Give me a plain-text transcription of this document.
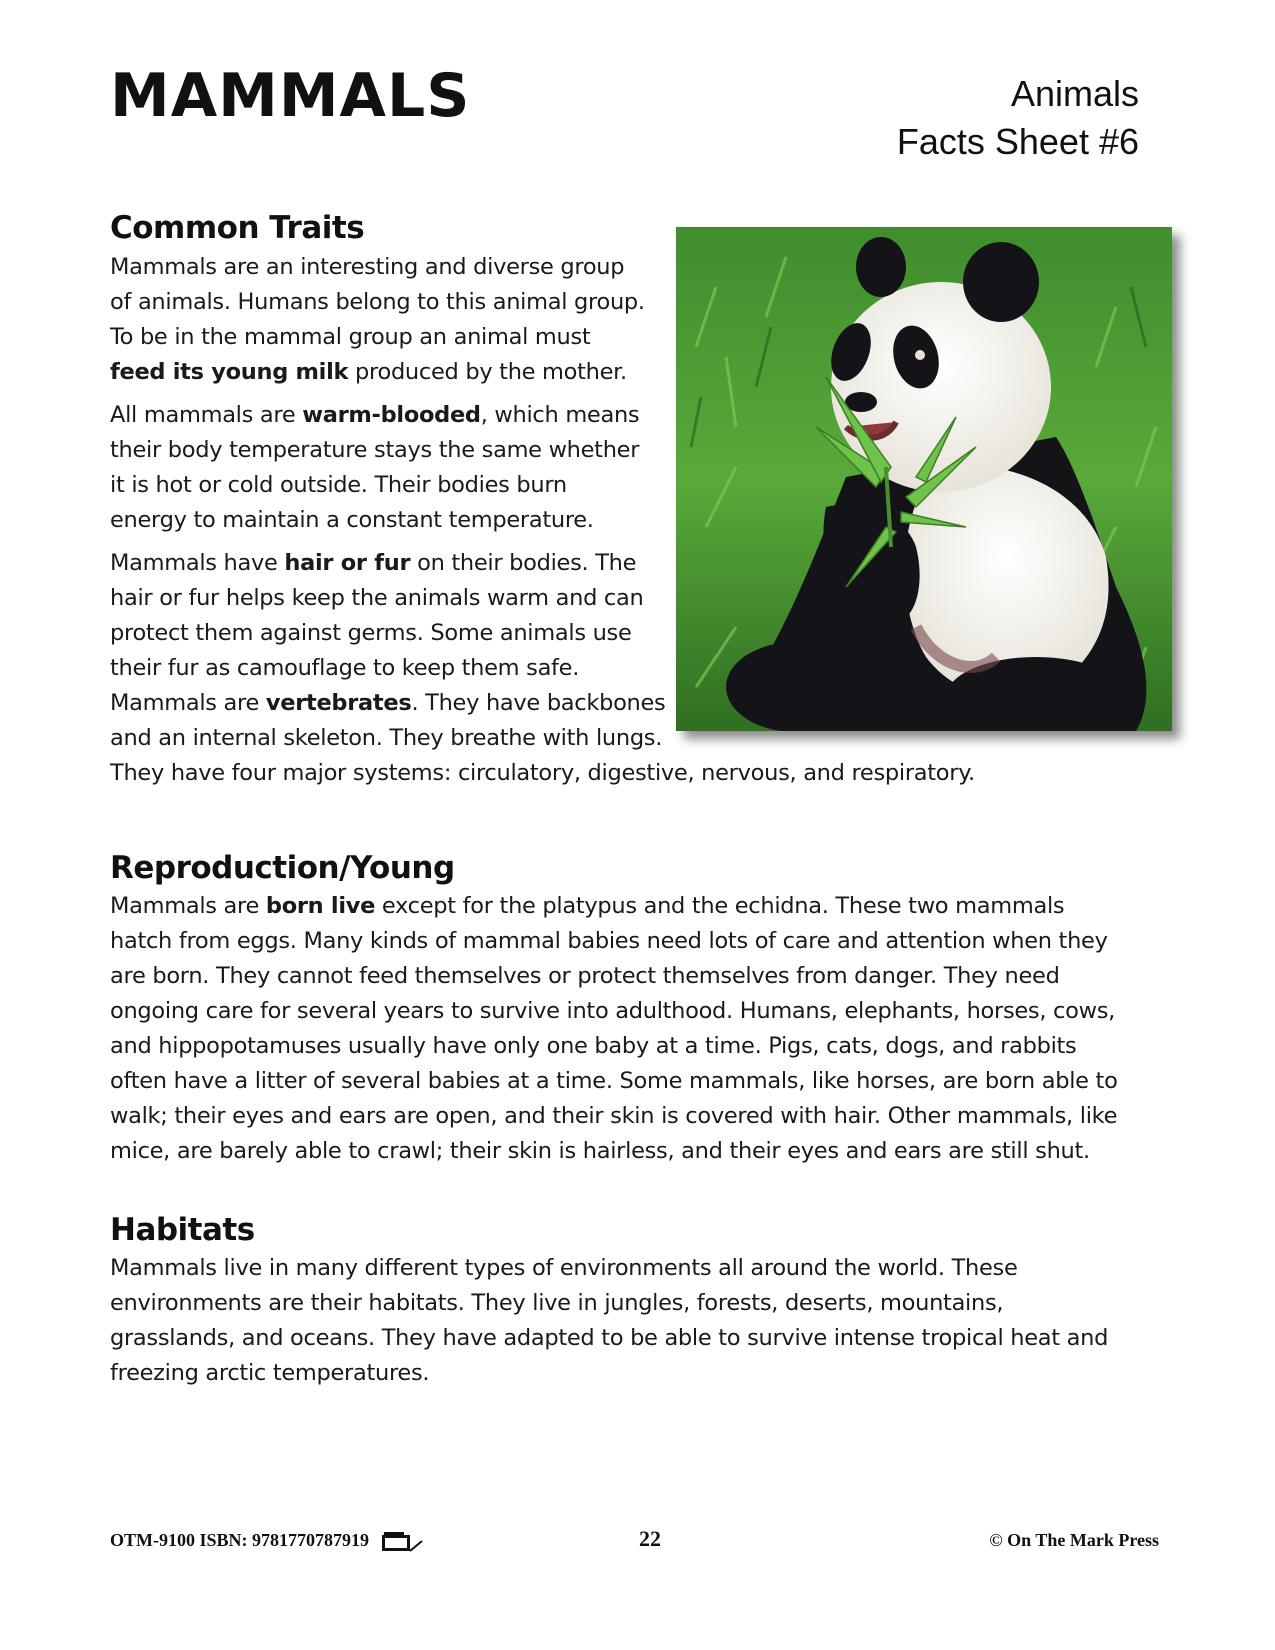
MAMMALS	Animals
Facts Sheet #6
Common Traits

Mammals are an interesting and diverse group of animals. Humans belong to this animal group. To be in the mammal group an animal must feed its young milk produced by the mother.

All mammals are warm-blooded, which means their body temperature stays the same whether it is hot or cold outside. Their bodies burn energy to maintain a constant temperature.

Mammals have hair or fur on their bodies. The hair or fur helps keep the animals warm and can protect them against germs. Some animals use their fur as camouflage to keep them safe. Mammals are vertebrates. They have backbones and an internal skeleton. They breathe with lungs.

They have four major systems: circulatory, digestive, nervous, and respiratory.

Reproduction/Young

Mammals are born live except for the platypus and the echidna. These two mammals hatch from eggs. Many kinds of mammal babies need lots of care and attention when they are born. They cannot feed themselves or protect themselves from danger. They need ongoing care for several years to survive into adulthood. Humans, elephants, horses, cows, and hippopotamuses usually have only one baby at a time. Pigs, cats, dogs, and rabbits often have a litter of several babies at a time. Some mammals, like horses, are born able to walk; their eyes and ears are open, and their skin is covered with hair. Other mammals, like mice, are barely able to crawl; their skin is hairless, and their eyes and ears are still shut.

Habitats

Mammals live in many different types of environments all around the world. These environments are their habitats. They live in jungles, forests, deserts, mountains, grasslands, and oceans. They have adapted to be able to survive intense tropical heat and freezing arctic temperatures.

OTM-9100 ISBN: 9781770787919	22	© On The Mark Press
